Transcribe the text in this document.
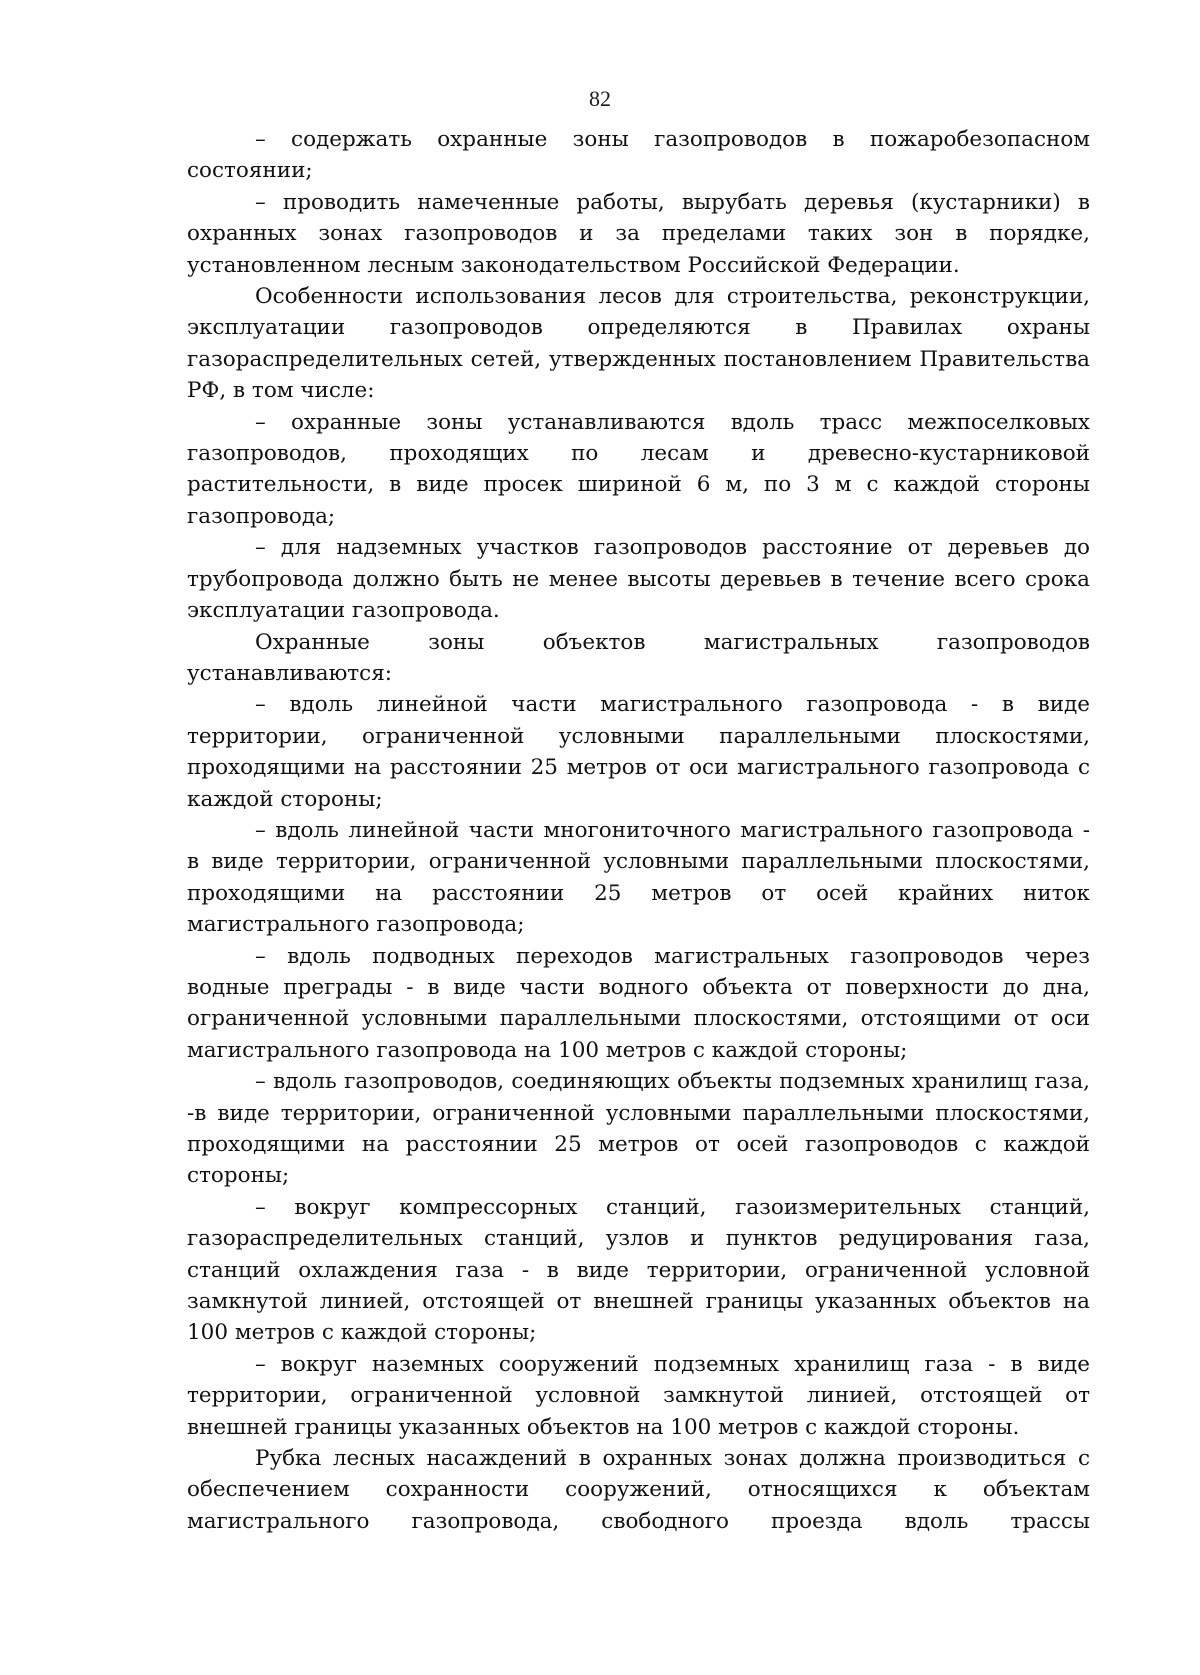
82

– содержать охранные зоны газопроводов в пожаробезопасном состоянии;

– проводить намеченные работы, вырубать деревья (кустарники) в охранных зонах газопроводов и за пределами таких зон в порядке, установленном лесным законодательством Российской Федерации.

Особенности использования лесов для строительства, реконструкции, эксплуатации газопроводов определяются в Правилах охраны газораспределительных сетей, утвержденных постановлением Правительства РФ, в том числе:

– охранные зоны устанавливаются вдоль трасс межпоселковых газопроводов, проходящих по лесам и древесно-кустарниковой растительности, в виде просек шириной 6 м, по 3 м с каждой стороны газопровода;

– для надземных участков газопроводов расстояние от деревьев до трубопровода должно быть не менее высоты деревьев в течение всего срока эксплуатации газопровода.

Охранные зоны объектов магистральных газопроводов устанавливаются:

– вдоль линейной части магистрального газопровода - в виде территории, ограниченной условными параллельными плоскостями, проходящими на расстоянии 25 метров от оси магистрального газопровода с каждой стороны;

– вдоль линейной части многониточного магистрального газопровода - в виде территории, ограниченной условными параллельными плоскостями, проходящими на расстоянии 25 метров от осей крайних ниток магистрального газопровода;

– вдоль подводных переходов магистральных газопроводов через водные преграды - в виде части водного объекта от поверхности до дна, ограниченной условными параллельными плоскостями, отстоящими от оси магистрального газопровода на 100 метров с каждой стороны;

– вдоль газопроводов, соединяющих объекты подземных хранилищ газа, -в виде территории, ограниченной условными параллельными плоскостями, проходящими на расстоянии 25 метров от осей газопроводов с каждой стороны;

– вокруг компрессорных станций, газоизмерительных станций, газораспределительных станций, узлов и пунктов редуцирования газа, станций охлаждения газа - в виде территории, ограниченной условной замкнутой линией, отстоящей от внешней границы указанных объектов на 100 метров с каждой стороны;

– вокруг наземных сооружений подземных хранилищ газа - в виде территории, ограниченной условной замкнутой линией, отстоящей от внешней границы указанных объектов на 100 метров с каждой стороны.

Рубка лесных насаждений в охранных зонах должна производиться с обеспечением сохранности сооружений, относящихся к объектам магистрального газопровода, свободного проезда вдоль трассы
